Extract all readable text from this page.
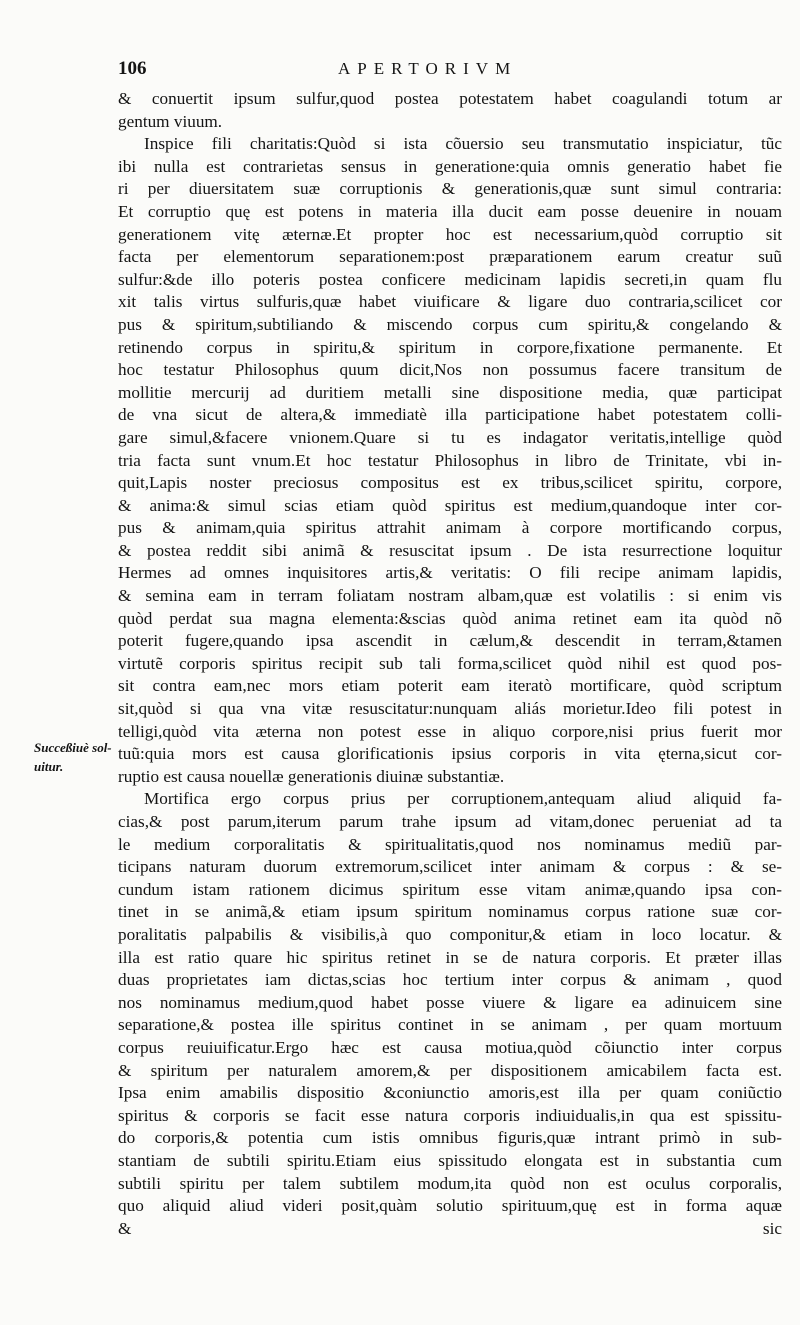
106	APERTORIVM
Succeßiuè sol-
uitur.
& conuertit ipsum sulfur,quod postea potestatem habet coagulandi totum ar
gentum viuum.
Inspice fili charitatis:Quòd si ista cõuersio seu transmutatio inspiciatur, tũc
ibi nulla est contrarietas sensus in generatione:quia omnis generatio habet fie
ri per diuersitatem suæ corruptionis & generationis,quæ sunt simul contraria:
Et corruptio quę est potens in materia illa ducit eam posse deuenire in nouam
generationem vitę æternæ.Et propter hoc est necessarium,quòd corruptio sit
facta per elementorum separationem:post præparationem earum creatur suũ
sulfur:&de illo poteris postea conficere medicinam lapidis secreti,in quam flu
xit talis virtus sulfuris,quæ habet viuificare & ligare duo contraria,scilicet cor
pus & spiritum,subtiliando & miscendo corpus cum spiritu,& congelando &
retinendo corpus in spiritu,& spiritum in corpore,fixatione permanente. Et
hoc testatur Philosophus quum dicit,Nos non possumus facere transitum de
mollitie mercurij ad duritiem metalli sine dispositione media, quæ participat
de vna sicut de altera,& immediatè illa participatione habet potestatem colli-
gare simul,&facere vnionem.Quare si tu es indagator veritatis,intellige quòd
tria facta sunt vnum.Et hoc testatur Philosophus in libro de Trinitate, vbi in-
quit,Lapis noster preciosus compositus est ex tribus,scilicet spiritu, corpore,
& anima:& simul scias etiam quòd spiritus est medium,quandoque inter cor-
pus & animam,quia spiritus attrahit animam à corpore mortificando corpus,
& postea reddit sibi animã & resuscitat ipsum . De ista resurrectione loquitur
Hermes ad omnes inquisitores artis,& veritatis: O fili recipe animam lapidis,
& semina eam in terram foliatam nostram albam,quæ est volatilis : si enim vis
quòd perdat sua magna elementa:&scias quòd anima retinet eam ita quòd nõ
poterit fugere,quando ipsa ascendit in cælum,& descendit in terram,&tamen
virtutẽ corporis spiritus recipit sub tali forma,scilicet quòd nihil est quod pos-
sit contra eam,nec mors etiam poterit eam iteratò mortificare, quòd scriptum
sit,quòd si qua vna vitæ resuscitatur:nunquam aliás morietur.Ideo fili potest in
telligi,quòd vita æterna non potest esse in aliquo corpore,nisi prius fuerit mor
tuũ:quia mors est causa glorificationis ipsius corporis in vita ęterna,sicut cor-
ruptio est causa nouellæ generationis diuinæ substantiæ.
Mortifica ergo corpus prius per corruptionem,antequam aliud aliquid fa-
cias,& post parum,iterum parum trahe ipsum ad vitam,donec perueniat ad ta
le medium corporalitatis & spiritualitatis,quod nos nominamus mediũ par-
ticipans naturam duorum extremorum,scilicet inter animam & corpus : & se-
cundum istam rationem dicimus spiritum esse vitam animæ,quando ipsa con-
tinet in se animã,& etiam ipsum spiritum nominamus corpus ratione suæ cor-
poralitatis palpabilis & visibilis,à quo componitur,& etiam in loco locatur. &
illa est ratio quare hic spiritus retinet in se de natura corporis. Et præter illas
duas proprietates iam dictas,scias hoc tertium inter corpus & animam , quod
nos nominamus medium,quod habet posse viuere & ligare ea adinuicem sine
separatione,& postea ille spiritus continet in se animam , per quam mortuum
corpus reuiuificatur.Ergo hæc est causa motiua,quòd cõiunctio inter corpus
& spiritum per naturalem amorem,& per dispositionem amicabilem facta est.
Ipsa enim amabilis dispositio &coniunctio amoris,est illa per quam coniũctio
spiritus & corporis se facit esse natura corporis indiuidualis,in qua est spissitu-
do corporis,& potentia cum istis omnibus figuris,quæ intrant primò in sub-
stantiam de subtili spiritu.Etiam eius spissitudo elongata est in substantia cum
subtili spiritu per talem subtilem modum,ita quòd non est oculus corporalis,
quo aliquid aliud videri posit,quàm solutio spirituum,quę est in forma aquæ
& sic
